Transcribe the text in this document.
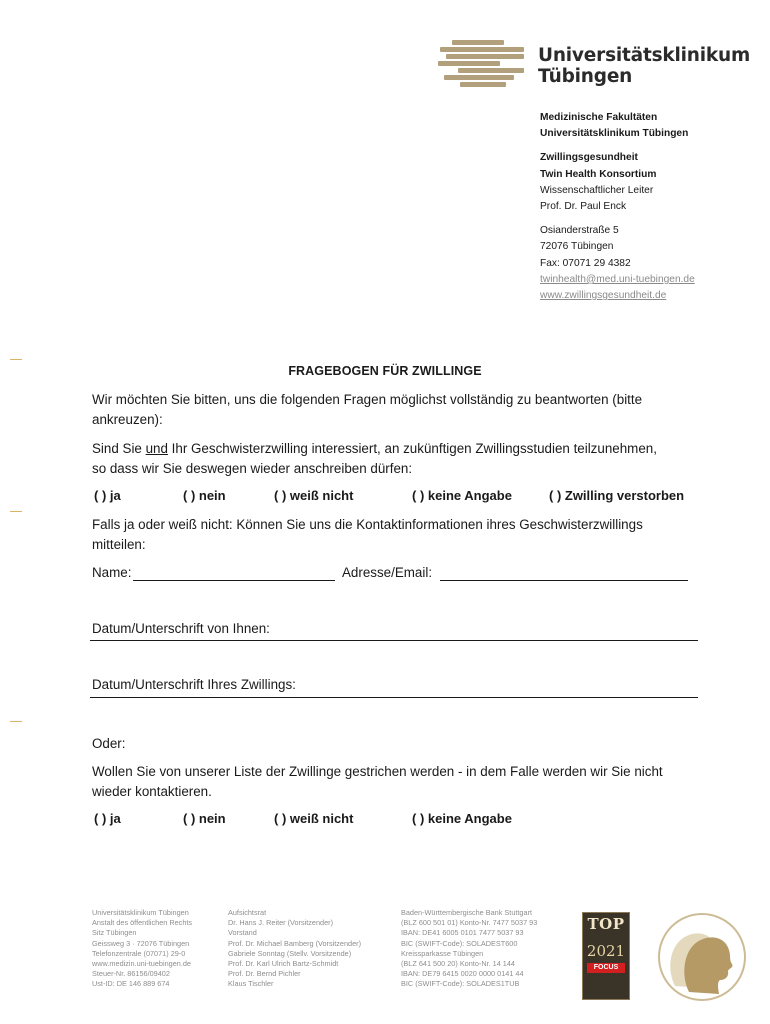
Universitätsklinikum
Tübingen
Medizinische Fakultäten
Universitätsklinikum Tübingen
Zwillingsgesundheit
Twin Health Konsortium
Wissenschaftlicher Leiter
Prof. Dr. Paul Enck
Osianderstraße 5
72076 Tübingen
Fax: 07071 29 4382
twinhealth@med.uni-tuebingen.de
www.zwillingsgesundheit.de
FRAGEBOGEN FÜR ZWILLINGE
Wir möchten Sie bitten, uns die folgenden Fragen möglichst vollständig zu beantworten (bitte
ankreuzen):
Sind Sie und Ihr Geschwisterzwilling interessiert, an zukünftigen Zwillingsstudien teilzunehmen,
so dass wir Sie deswegen wieder anschreiben dürfen:
( ) ja	( ) nein	( ) weiß nicht	( ) keine Angabe	( ) Zwilling verstorben
Falls ja oder weiß nicht: Können Sie uns die Kontaktinformationen ihres Geschwisterzwillings
mitteilen:
Name:	Adresse/Email:
Datum/Unterschrift von Ihnen:
Datum/Unterschrift Ihres Zwillings:
Oder:
Wollen Sie von unserer Liste der Zwillinge gestrichen werden - in dem Falle werden wir Sie nicht
wieder kontaktieren.
( ) ja	( ) nein	( ) weiß nicht	( ) keine Angabe
Universitätsklinikum Tübingen
Anstalt des öffentlichen Rechts
Sitz Tübingen
Geissweg 3 · 72076 Tübingen
Telefonzentrale (07071) 29-0
www.medizin.uni-tuebingen.de
Steuer-Nr. 86156/09402
Ust-ID: DE 146 889 674
Aufsichtsrat
Dr. Hans J. Reiter (Vorsitzender)
Vorstand
Prof. Dr. Michael Bamberg (Vorsitzender)
Gabriele Sonntag (Stellv. Vorsitzende)
Prof. Dr. Karl Ulrich Bartz-Schmidt
Prof. Dr. Bernd Pichler
Klaus Tischler
Baden-Württembergische Bank Stuttgart
(BLZ 600 501 01) Konto-Nr. 7477 5037 93
IBAN: DE41 6005 0101 7477 5037 93
BIC (SWIFT-Code): SOLADEST600
Kreissparkasse Tübingen
(BLZ 641 500 20) Konto-Nr. 14 144
IBAN: DE79 6415 0020 0000 0141 44
BIC (SWIFT-Code): SOLADES1TUB
TOP

2021
FOCUS
